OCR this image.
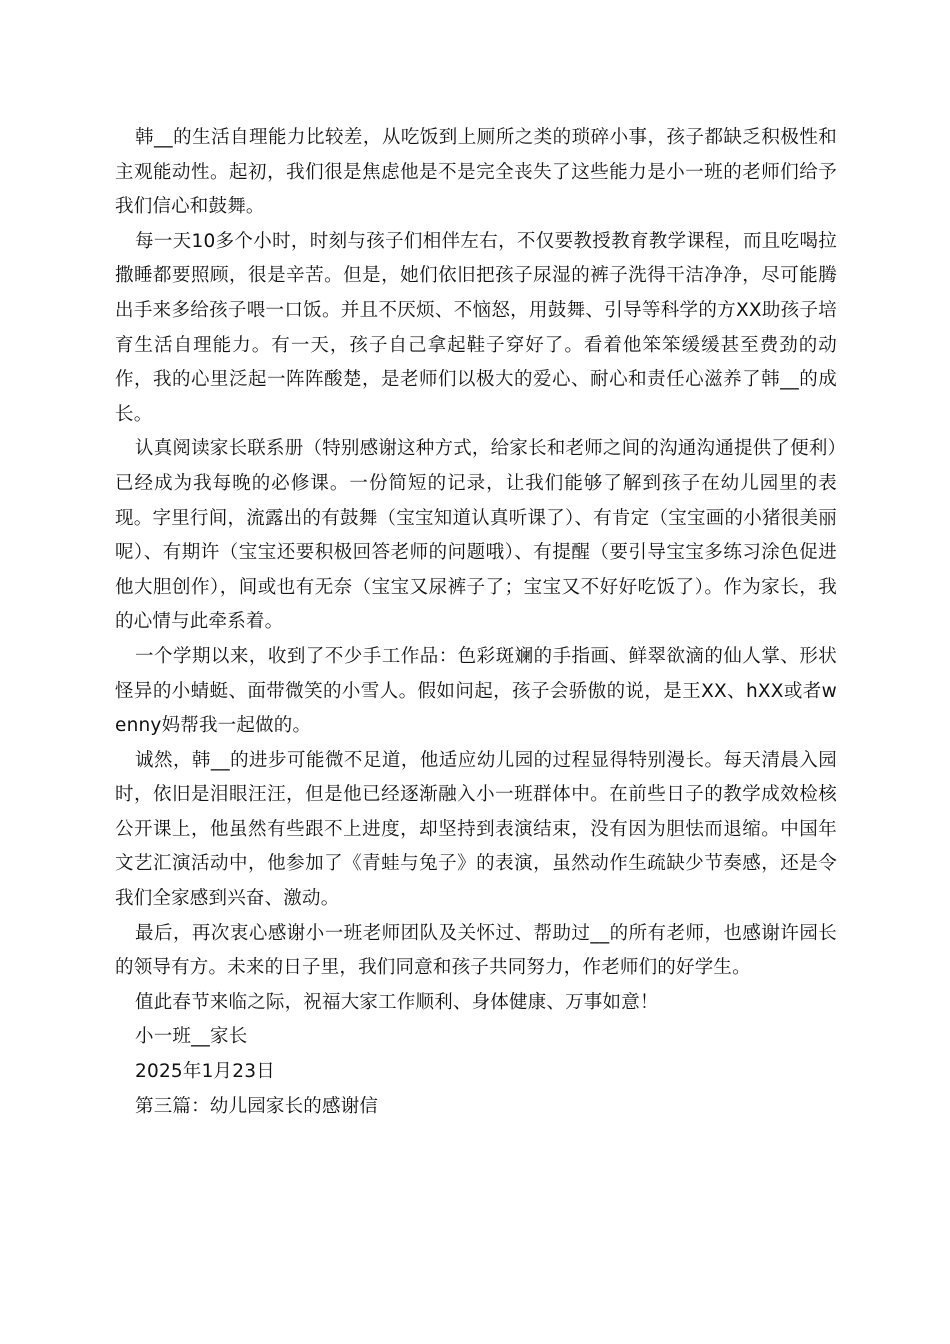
韩__的生活自理能力比较差，从吃饭到上厕所之类的琐碎小事，孩子都缺乏积极性和主观能动性。起初，我们很是焦虑他是不是完全丧失了这些能力是小一班的老师们给予我们信心和鼓舞。

每一天10多个小时，时刻与孩子们相伴左右，不仅要教授教育教学课程，而且吃喝拉撒睡都要照顾，很是辛苦。但是，她们依旧把孩子尿湿的裤子洗得干洁净净，尽可能腾出手来多给孩子喂一口饭。并且不厌烦、不恼怒，用鼓舞、引导等科学的方XX助孩子培育生活自理能力。有一天，孩子自己拿起鞋子穿好了。看着他笨笨缓缓甚至费劲的动作，我的心里泛起一阵阵酸楚，是老师们以极大的爱心、耐心和责任心滋养了韩__的成长。

认真阅读家长联系册（特别感谢这种方式，给家长和老师之间的沟通沟通提供了便利）已经成为我每晚的必修课。一份简短的记录，让我们能够了解到孩子在幼儿园里的表现。字里行间，流露出的有鼓舞（宝宝知道认真听课了）、有肯定（宝宝画的小猪很美丽呢）、有期许（宝宝还要积极回答老师的问题哦）、有提醒（要引导宝宝多练习涂色促进他大胆创作），间或也有无奈（宝宝又尿裤子了；宝宝又不好好吃饭了）。作为家长，我的心情与此牵系着。

一个学期以来，收到了不少手工作品：色彩斑斓的手指画、鲜翠欲滴的仙人掌、形状怪异的小蜻蜓、面带微笑的小雪人。假如问起，孩子会骄傲的说，是王XX、hXX或者wenny妈帮我一起做的。

诚然，韩__的进步可能微不足道，他适应幼儿园的过程显得特别漫长。每天清晨入园时，依旧是泪眼汪汪，但是他已经逐渐融入小一班群体中。在前些日子的教学成效检核公开课上，他虽然有些跟不上进度，却坚持到表演结束，没有因为胆怯而退缩。中国年文艺汇演活动中，他参加了《青蛙与兔子》的表演，虽然动作生疏缺少节奏感，还是令我们全家感到兴奋、激动。

最后，再次衷心感谢小一班老师团队及关怀过、帮助过__的所有老师，也感谢许园长的领导有方。未来的日子里，我们同意和孩子共同努力，作老师们的好学生。

值此春节来临之际，祝福大家工作顺利、身体健康、万事如意！

小一班__家长

2025年1月23日

第三篇：幼儿园家长的感谢信
